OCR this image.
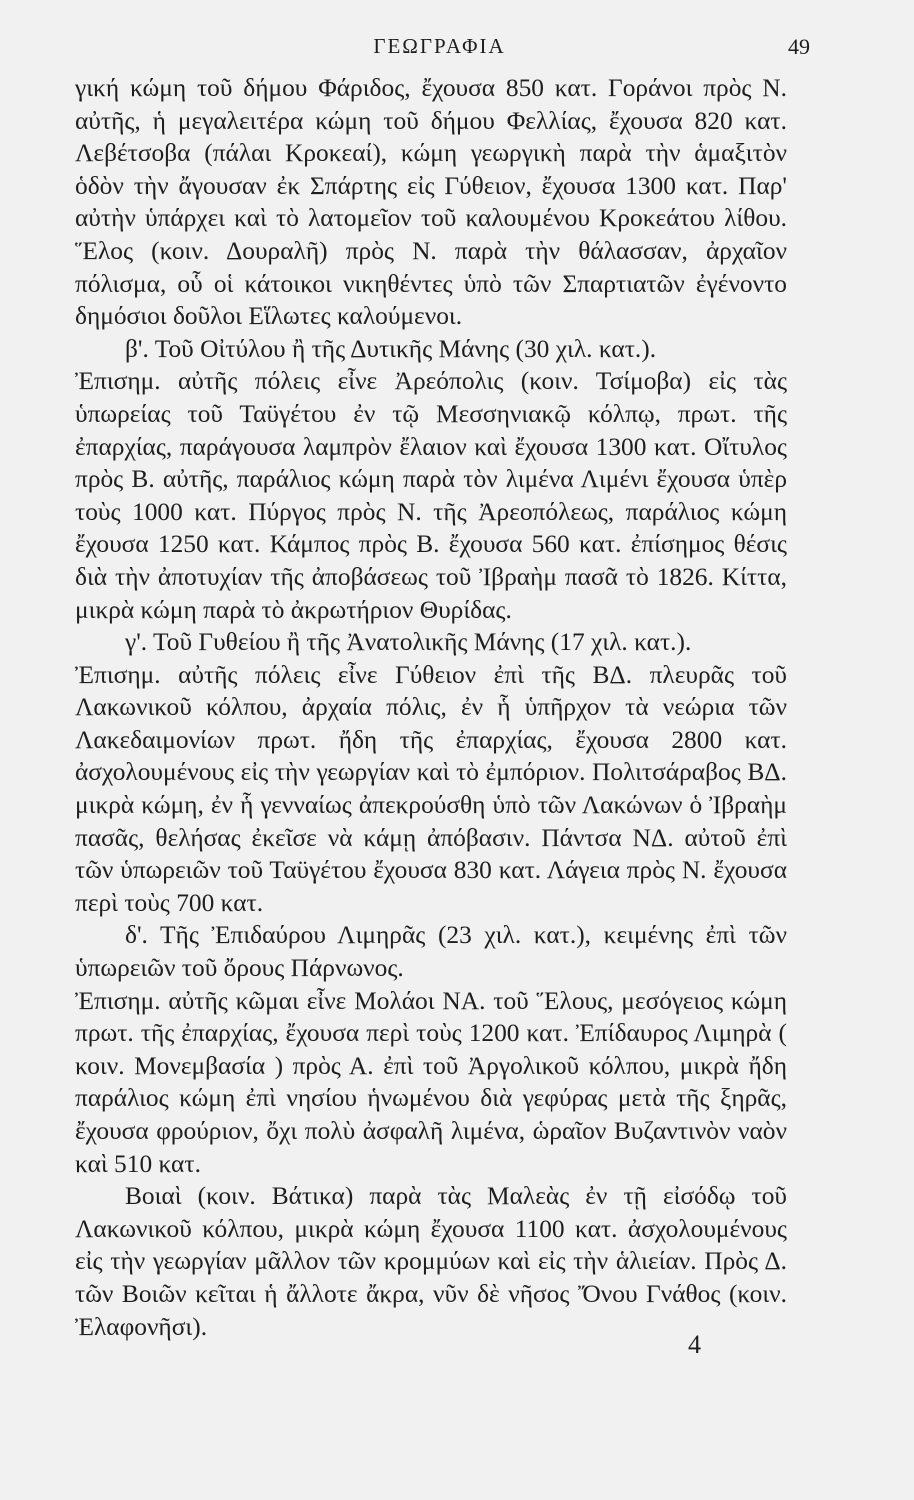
ΓΕΩΓΡΑΦΙΑ	49

γική κώμη τοῦ δήμου Φάριδος, ἔχουσα 850 κατ. Γοράνοι πρὸς Ν. αὐτῆς, ἡ μεγαλειτέρα κώμη τοῦ δήμου Φελλίας, ἔχουσα 820 κατ. Λεβέτσοβα (πάλαι Κροκεαί), κώμη γεωργικὴ παρὰ τὴν ἁμαξιτὸν ὁδὸν τὴν ἄγουσαν ἐκ Σπάρτης εἰς Γύθειον, ἔχουσα 1300 κατ. Παρ' αὐτὴν ὑπάρχει καὶ τὸ λατομεῖον τοῦ καλουμένου Κροκεάτου λίθου. Ἕλος (κοιν. Δουραλῆ) πρὸς Ν. παρὰ τὴν θάλασσαν, ἀρχαῖον πόλισμα, οὗ οἱ κάτοικοι νικηθέντες ὑπὸ τῶν Σπαρτιατῶν ἐγένοντο δημόσιοι δοῦλοι Εἵλωτες καλούμενοι.

β'. Τοῦ Οἰτύλου ἢ τῆς Δυτικῆς Μάνης (30 χιλ. κατ.).

Ἐπισημ. αὐτῆς πόλεις εἶνε Ἀρεόπολις (κοιν. Τσίμοβα) εἰς τὰς ὑπωρείας τοῦ Ταϋγέτου ἐν τῷ Μεσσηνιακῷ κόλπῳ, πρωτ. τῆς ἐπαρχίας, παράγουσα λαμπρὸν ἔλαιον καὶ ἔχουσα 1300 κατ. Οἴτυλος πρὸς Β. αὐτῆς, παράλιος κώμη παρὰ τὸν λιμένα Λιμένι ἔχουσα ὑπὲρ τοὺς 1000 κατ. Πύργος πρὸς Ν. τῆς Ἀρεοπόλεως, παράλιος κώμη ἔχουσα 1250 κατ. Κάμπος πρὸς Β. ἔχουσα 560 κατ. ἐπίσημος θέσις διὰ τὴν ἀποτυχίαν τῆς ἀποβάσεως τοῦ Ἰβραὴμ πασᾶ τὸ 1826. Κίττα, μικρὰ κώμη παρὰ τὸ ἀκρωτήριον Θυρίδας.

γ'. Τοῦ Γυθείου ἢ τῆς Ἀνατολικῆς Μάνης (17 χιλ. κατ.).

Ἐπισημ. αὐτῆς πόλεις εἶνε Γύθειον ἐπὶ τῆς ΒΔ. πλευρᾶς τοῦ Λακωνικοῦ κόλπου, ἀρχαία πόλις, ἐν ἧ ὑπῆρχον τὰ νεώρια τῶν Λακεδαιμονίων πρωτ. ἤδη τῆς ἐπαρχίας, ἔχουσα 2800 κατ. ἀσχολουμένους εἰς τὴν γεωργίαν καὶ τὸ ἐμπόριον. Πολιτσάραβος ΒΔ. μικρὰ κώμη, ἐν ἧ γενναίως ἀπεκρούσθη ὑπὸ τῶν Λακώνων ὁ Ἰβραὴμ πασᾶς, θελήσας ἐκεῖσε νὰ κάμῃ ἀπόβασιν. Πάντσα ΝΔ. αὐτοῦ ἐπὶ τῶν ὑπωρειῶν τοῦ Ταϋγέτου ἔχουσα 830 κατ. Λάγεια πρὸς Ν. ἔχουσα περὶ τοὺς 700 κατ.

δ'. Τῆς Ἐπιδαύρου Λιμηρᾶς (23 χιλ. κατ.), κειμένης ἐπὶ τῶν ὑπωρειῶν τοῦ ὄρους Πάρνωνος.

Ἐπισημ. αὐτῆς κῶμαι εἶνε Μολάοι ΝΑ. τοῦ Ἕλους, μεσόγειος κώμη πρωτ. τῆς ἐπαρχίας, ἔχουσα περὶ τοὺς 1200 κατ. Ἐπίδαυρος Λιμηρὰ ( κοιν. Μονεμβασία ) πρὸς Α. ἐπὶ τοῦ Ἀργολικοῦ κόλπου, μικρὰ ἤδη παράλιος κώμη ἐπὶ νησίου ἡνωμένου διὰ γεφύρας μετὰ τῆς ξηρᾶς, ἔχουσα φρούριον, ὄχι πολὺ ἀσφαλῆ λιμένα, ὡραῖον Βυζαντινὸν ναὸν καὶ 510 κατ.

Βοιαὶ (κοιν. Βάτικα) παρὰ τὰς Μαλεὰς ἐν τῇ εἰσόδῳ τοῦ Λακωνικοῦ κόλπου, μικρὰ κώμη ἔχουσα 1100 κατ. ἀσχολουμένους εἰς τὴν γεωργίαν μᾶλλον τῶν κρομμύων καὶ εἰς τὴν ἁλιείαν. Πρὸς Δ. τῶν Βοιῶν κεῖται ἡ ἄλλοτε ἄκρα, νῦν δὲ νῆσος Ὄνου Γνάθος (κοιν. Ἐλαφονῆσι).

4
